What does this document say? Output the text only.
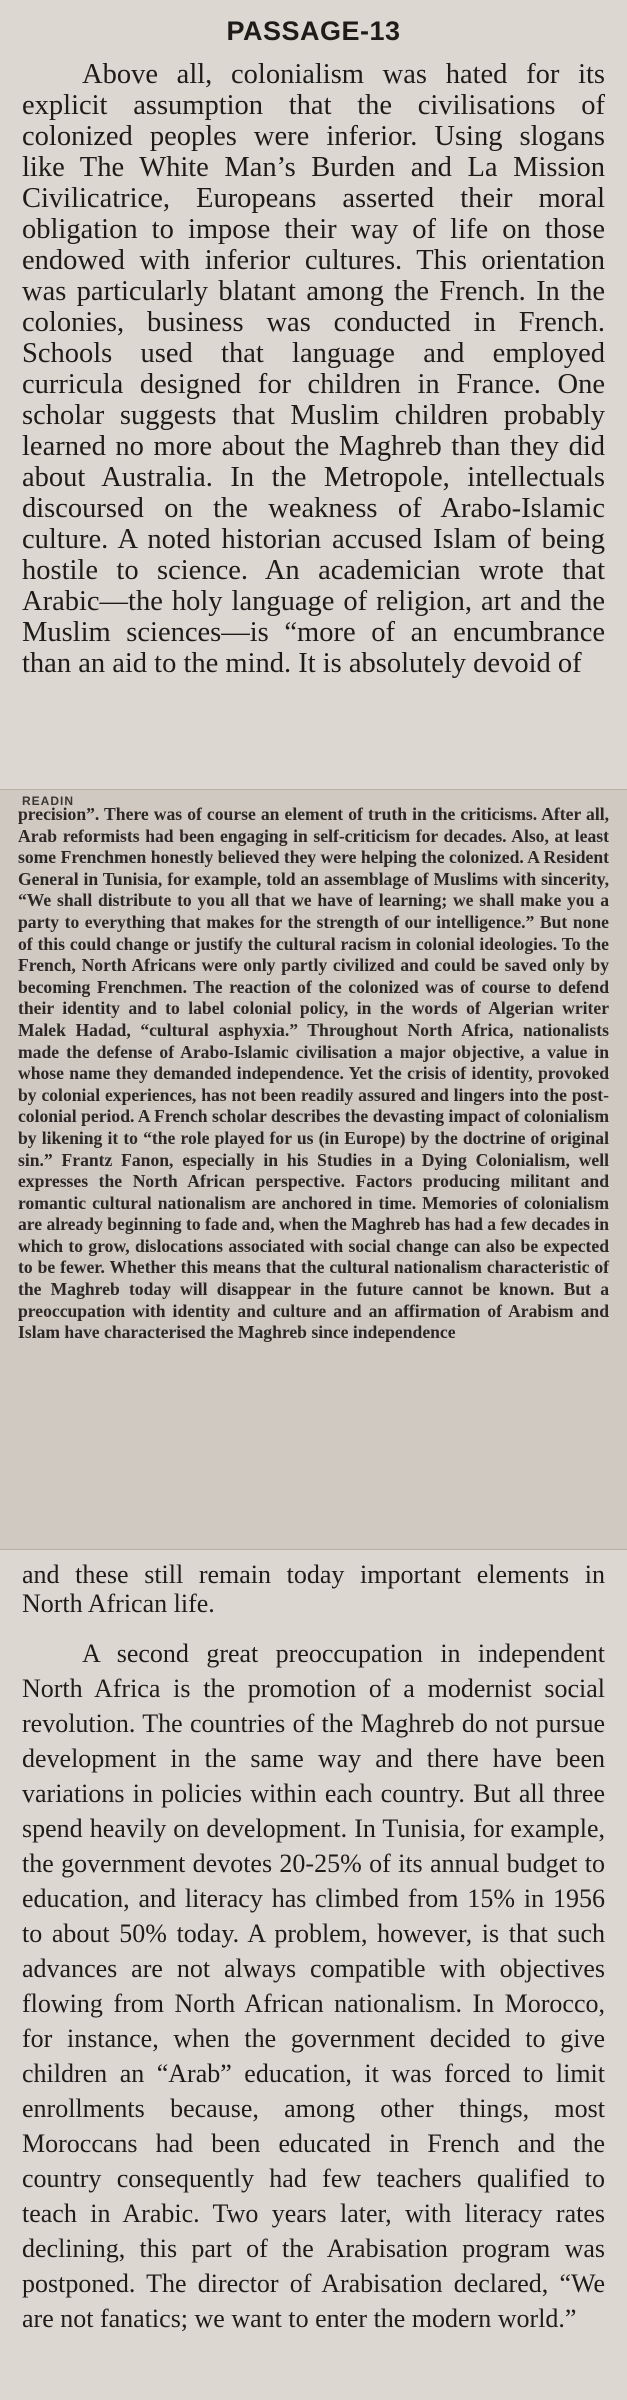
PASSAGE-13

Above all, colonialism was hated for its explicit assumption that the civilisations of colonized peoples were inferior. Using slogans like The White Man’s Burden and La Mission Civilicatrice, Europeans asserted their moral obligation to impose their way of life on those endowed with inferior cultures. This orientation was particularly blatant among the French. In the colonies, business was conducted in French. Schools used that language and employed curricula designed for children in France. One scholar suggests that Muslim children probably learned no more about the Maghreb than they did about Australia. In the Metropole, intellectuals discoursed on the weakness of Arabo-Islamic culture. A noted historian accused Islam of being hostile to science. An academician wrote that Arabic—the holy language of religion, art and the Muslim sciences—is “more of an encumbrance than an aid to the mind. It is absolutely devoid of

READIN

precision”. There was of course an element of truth in the criticisms. After all, Arab reformists had been engaging in self-criticism for decades. Also, at least some Frenchmen honestly believed they were helping the colonized. A Resident General in Tunisia, for example, told an assemblage of Muslims with sincerity, “We shall distribute to you all that we have of learning; we shall make you a party to everything that makes for the strength of our intelligence.” But none of this could change or justify the cultural racism in colonial ideologies. To the French, North Africans were only partly civilized and could be saved only by becoming Frenchmen. The reaction of the colonized was of course to defend their identity and to label colonial policy, in the words of Algerian writer Malek Hadad, “cultural asphyxia.” Throughout North Africa, nationalists made the defense of Arabo-Islamic civilisation a major objective, a value in whose name they demanded independence. Yet the crisis of identity, provoked by colonial experiences, has not been readily assured and lingers into the post-colonial period. A French scholar describes the devasting impact of colonialism by likening it to “the role played for us (in Europe) by the doctrine of original sin.” Frantz Fanon, especially in his Studies in a Dying Colonialism, well expresses the North African perspective. Factors producing militant and romantic cultural nationalism are anchored in time. Memories of colonialism are already beginning to fade and, when the Maghreb has had a few decades in which to grow, dislocations associated with social change can also be expected to be fewer. Whether this means that the cultural nationalism characteristic of the Maghreb today will disappear in the future cannot be known. But a preoccupation with identity and culture and an affirmation of Arabism and Islam have characterised the Maghreb since independence

and these still remain today important elements in North African life.

A second great preoccupation in independent North Africa is the promotion of a modernist social revolution. The countries of the Maghreb do not pursue development in the same way and there have been variations in policies within each country. But all three spend heavily on development. In Tunisia, for example, the government devotes 20-25% of its annual budget to education, and literacy has climbed from 15% in 1956 to about 50% today. A problem, however, is that such advances are not always compatible with objectives flowing from North African nationalism. In Morocco, for instance, when the government decided to give children an “Arab” education, it was forced to limit enrollments because, among other things, most Moroccans had been educated in French and the country consequently had few teachers qualified to teach in Arabic. Two years later, with literacy rates declining, this part of the Arabisation program was postponed. The director of Arabisation declared, “We are not fanatics; we want to enter the modern world.”
